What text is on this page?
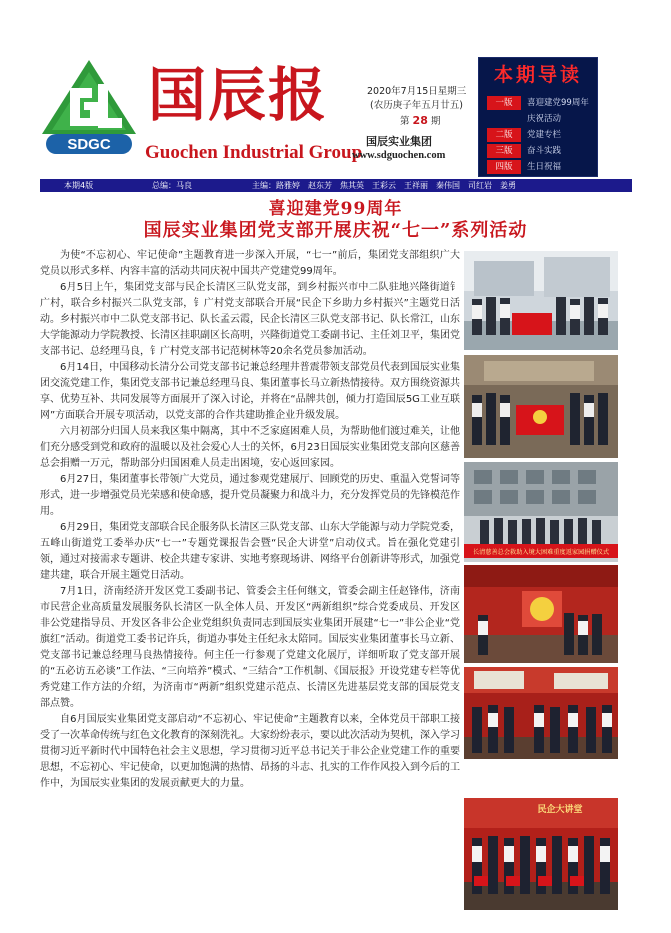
SDGC
国辰报
Guochen Industrial Group
2020年7月15日星期三
(农历庚子年五月廿五)
第 28 期
国辰实业集团
www.sdguochen.com
本期导读
一版 喜迎建党99周年
庆祝活动
二版 党建专栏
三版 奋斗实践
四版 生日祝福
本期4版	总编：马良	主编：路雅婷　赵东芳　焦其英　王彩云　王祥丽　秦伟国　司红岩　姜勇
喜迎建党99周年
国辰实业集团党支部开展庆祝“七一”系列活动

为使“不忘初心、牢记使命”主题教育进一步深入开展，“七一”前后，集团党支部组织广大党员以形式多样、内容丰富的活动共同庆祝中国共产党建党99周年。

6月5日上午，集团党支部与民企长清区三队党支部，到乡村振兴市中二队驻地兴隆街道钅广村，联合乡村振兴二队党支部，钅广村党支部联合开展“民企下乡助力乡村振兴”主题党日活动。乡村振兴市中二队党支部书记、队长孟云霞，民企长清区三队党支部书记、队长常江，山东大学能源动力学院教授、长清区挂职副区长高明，兴隆街道党工委副书记、主任刘卫平，集团党支部书记、总经理马良，钅广村党支部书记范树林等20余名党员参加活动。

6月14日，中国移动长清分公司党支部书记兼总经理井普震带领支部党员代表到国辰实业集团交流党建工作，集团党支部书记兼总经理马良、集团董事长马立新热情接待。双方围绕资源共享、优势互补、共同发展等方面展开了深入讨论，并将在“品牌共创，倾力打造国辰5G工业互联网”方面联合开展专项活动，以党支部的合作共建助推企业升级发展。

六月初部分归国人员来我区集中隔离，其中不乏家庭困难人员，为帮助他们渡过难关，让他们充分感受到党和政府的温暖以及社会爱心人士的关怀，6月23日国辰实业集团党支部向区慈善总会捐赠一万元，帮助部分归国困难人员走出困境，安心返回家园。

6月27日，集团董事长带领广大党员，通过参观党建展厅、回顾党的历史、重温入党誓词等形式，进一步增强党员光荣感和使命感，提升党员凝聚力和战斗力，充分发挥党员的先锋模范作用。

6月29日，集团党支部联合民企服务队长清区三队党支部、山东大学能源与动力学院党委，五峰山街道党工委举办庆“七一”专题党课报告会暨“民企大讲堂”启动仪式。旨在强化党建引领，通过对接需求专题讲、校企共建专家讲、实地考察现场讲、网络平台创新讲等形式，加强党建共建，联合开展主题党日活动。

7月1日，济南经济开发区党工委副书记、管委会主任何继文，管委会副主任赵锋伟，济南市民营企业高质量发展服务队长清区一队全体人员、开发区“两新组织”综合党委成员、开发区非公党建指导员、开发区各非公企业党组织负责同志到国辰实业集团开展建“七一”非公企业“党旗红”活动。街道党工委书记许兵，街道办事处主任纪永太陪同。国辰实业集团董事长马立新、党支部书记兼总经理马良热情接待。何主任一行参观了党建文化展厅，详细听取了党支部开展的“五必访五必谈”工作法、“三向培养”模式、“三结合”工作机制、《国辰报》开设党建专栏等优秀党建工作方法的介绍，为济南市“两新”组织党建示范点、长清区先进基层党支部的国辰党支部点赞。

自6月国辰实业集团党支部启动“不忘初心、牢记使命”主题教育以来，全体党员干部职工接受了一次革命传统与红色文化教育的深刻洗礼。大家纷纷表示，要以此次活动为契机，深入学习贯彻习近平新时代中国特色社会主义思想，学习贯彻习近平总书记关于非公企业党建工作的重要思想，不忘初心、牢记使命，以更加饱满的热情、昂扬的斗志、扎实的工作作风投入到今后的工作中，为国辰实业集团的发展贡献更大的力量。

长清慈善总会救助入境大困难重度返家园捐赠仪式
民企大讲堂
